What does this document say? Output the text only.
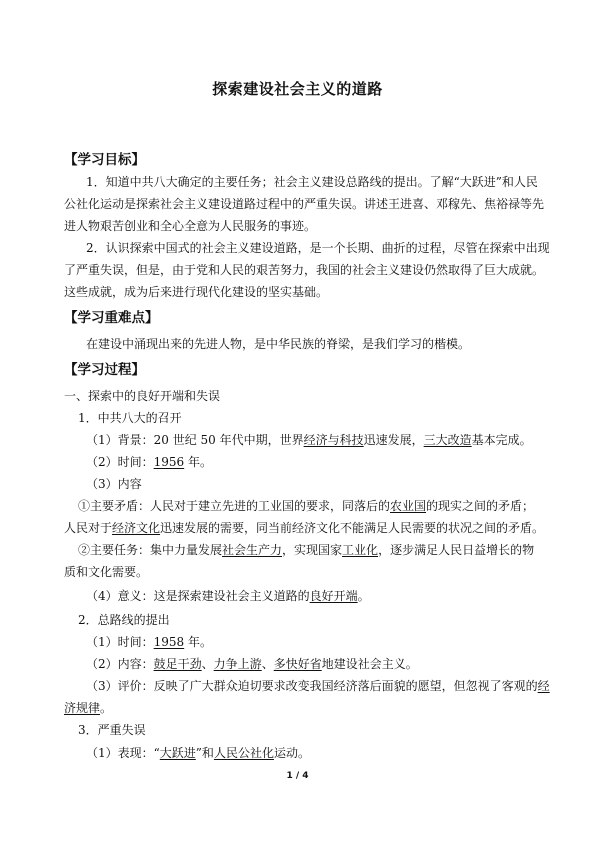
探索建设社会主义的道路
【学习目标】
1．知道中共八大确定的主要任务；社会主义建设总路线的提出。了解“大跃进”和人民
公社化运动是探索社会主义建设道路过程中的严重失误。讲述王进喜、邓稼先、焦裕禄等先
进人物艰苦创业和全心全意为人民服务的事迹。
2．认识探索中国式的社会主义建设道路，是一个长期、曲折的过程，尽管在探索中出现
了严重失误，但是，由于党和人民的艰苦努力，我国的社会主义建设仍然取得了巨大成就。
这些成就，成为后来进行现代化建设的坚实基础。
【学习重难点】
在建设中涌现出来的先进人物，是中华民族的脊梁，是我们学习的楷模。
【学习过程】
一、探索中的良好开端和失误
1．中共八大的召开
（1）背景：20 世纪 50 年代中期，世界经济与科技迅速发展，三大改造基本完成。
（2）时间：1956 年。
（3）内容
①主要矛盾：人民对于建立先进的工业国的要求，同落后的农业国的现实之间的矛盾；
人民对于经济文化迅速发展的需要，同当前经济文化不能满足人民需要的状况之间的矛盾。
②主要任务：集中力量发展社会生产力，实现国家工业化，逐步满足人民日益增长的物
质和文化需要。
（4）意义：这是探索建设社会主义道路的良好开端。
2．总路线的提出
（1）时间：1958 年。
（2）内容：鼓足干劲、力争上游、多快好省地建设社会主义。
（3）评价：反映了广大群众迫切要求改变我国经济落后面貌的愿望，但忽视了客观的经
济规律。
3．严重失误
（1）表现：“大跃进”和人民公社化运动。
1 / 4
